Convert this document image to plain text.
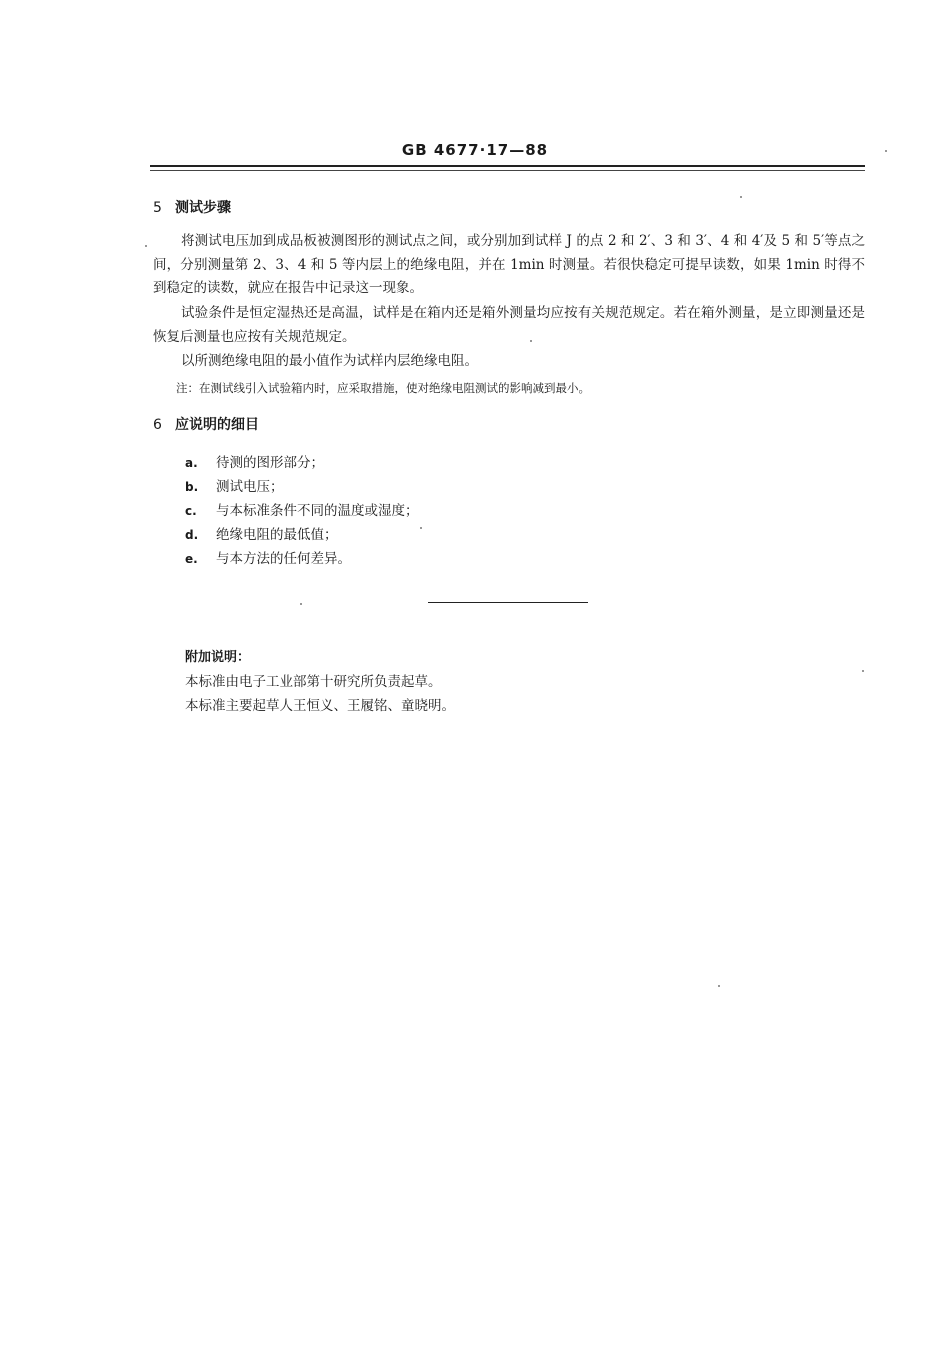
GB 4677·17—88
5 测试步骤
将测试电压加到成品板被测图形的测试点之间，或分别加到试样 J 的点 2 和 2′、3 和 3′、4 和 4′及 5 和 5′等点之间，分别测量第 2、3、4 和 5 等内层上的绝缘电阻，并在 1min 时测量。若很快稳定可提早读数，如果 1min 时得不到稳定的读数，就应在报告中记录这一现象。
试验条件是恒定湿热还是高温，试样是在箱内还是箱外测量均应按有关规范规定。若在箱外测量，是立即测量还是恢复后测量也应按有关规范规定。
以所测绝缘电阻的最小值作为试样内层绝缘电阻。
注：在测试线引入试验箱内时，应采取措施，使对绝缘电阻测试的影响减到最小。
6 应说明的细目
a. 待测的图形部分；
b. 测试电压；
c. 与本标准条件不同的温度或湿度；
d. 绝缘电阻的最低值；
e. 与本方法的任何差异。
附加说明：
本标准由电子工业部第十研究所负责起草。
本标准主要起草人王恒义、王履铭、童晓明。
